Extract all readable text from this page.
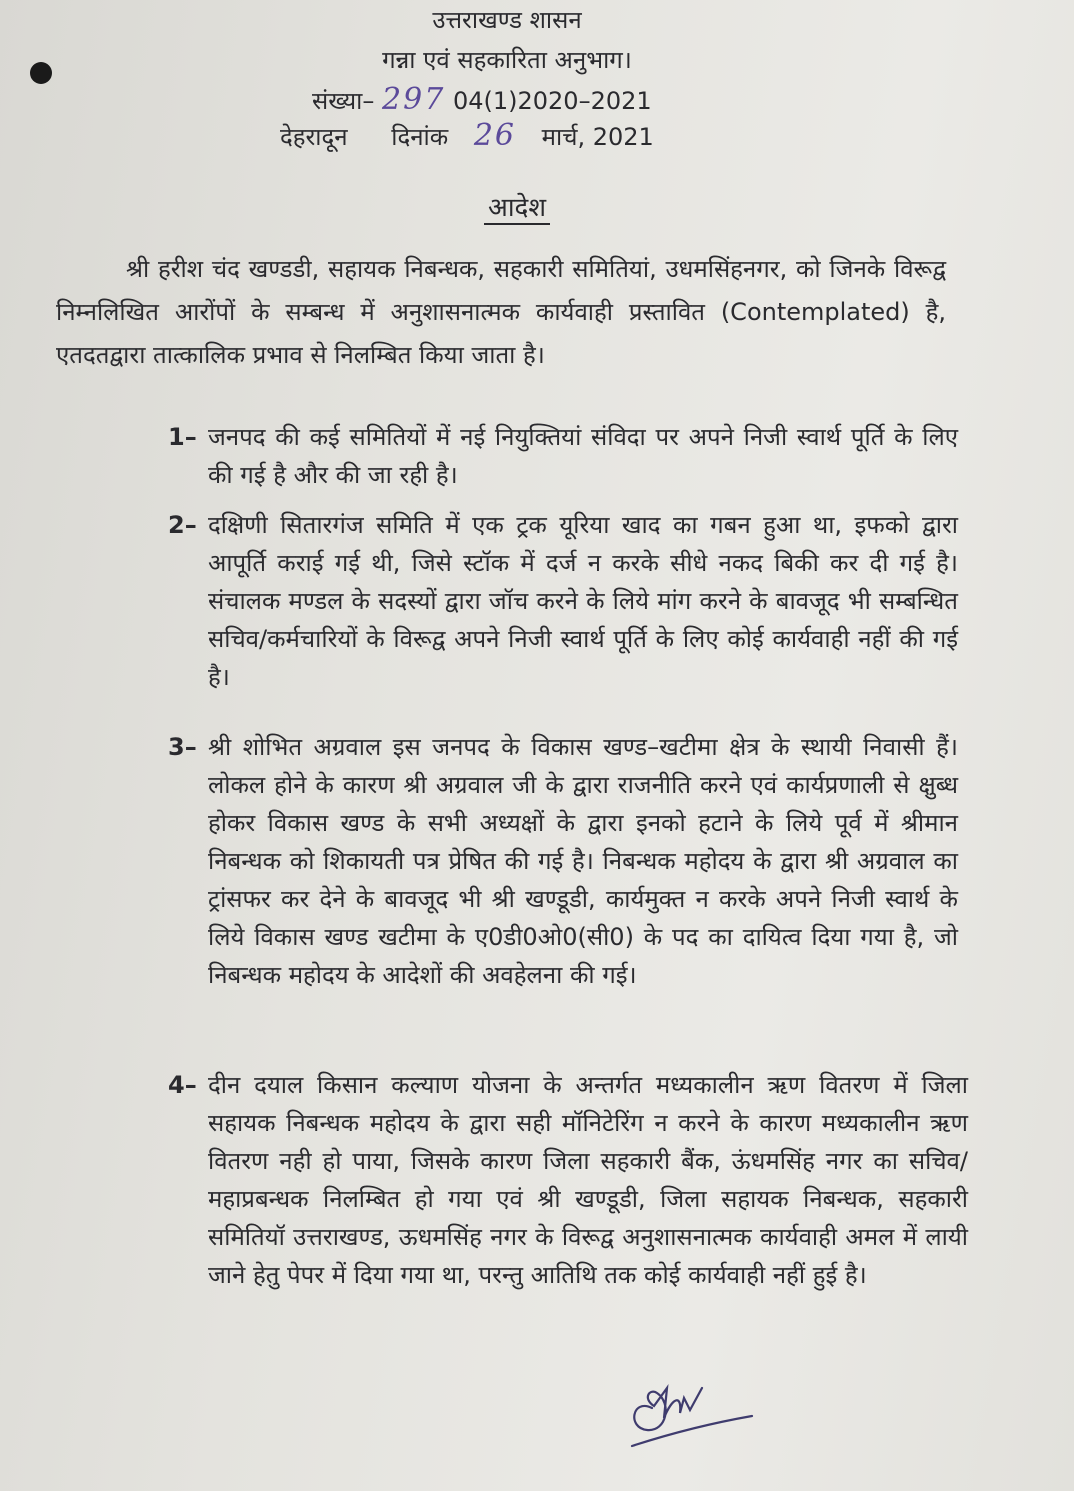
उत्तराखण्ड शासन
गन्ना एवं सहकारिता अनुभाग।
संख्या– 297 04(1)2020–2021
देहरादून दिनांक 26 मार्च, 2021
आदेश
श्री हरीश चंद खण्डडी, सहायक निबन्धक, सहकारी समितियां, उधमसिंहनगर, को जिनके विरूद्व निम्नलिखित आरोंपों के सम्बन्ध में अनुशासनात्मक कार्यवाही प्रस्तावित (Contemplated) है, एतदतद्वारा तात्कालिक प्रभाव से निलम्बित किया जाता है।
1– जनपद की कई समितियों में नई नियुक्तियां संविदा पर अपने निजी स्वार्थ पूर्ति के लिए की गई है और की जा रही है।
2– दक्षिणी सितारगंज समिति में एक ट्रक यूरिया खाद का गबन हुआ था, इफको द्वारा आपूर्ति कराई गई थी, जिसे स्टॉक में दर्ज न करके सीधे नकद बिकी कर दी गई है। संचालक मण्डल के सदस्यों द्वारा जॉच करने के लिये मांग करने के बावजूद भी सम्बन्धित सचिव/कर्मचारियों के विरूद्व अपने निजी स्वार्थ पूर्ति के लिए कोई कार्यवाही नहीं की गई है।
3– श्री शोभित अग्रवाल इस जनपद के विकास खण्ड–खटीमा क्षेत्र के स्थायी निवासी हैं। लोकल होने के कारण श्री अग्रवाल जी के द्वारा राजनीति करने एवं कार्यप्रणाली से क्षुब्ध होकर विकास खण्ड के सभी अध्यक्षों के द्वारा इनको हटाने के लिये पूर्व में श्रीमान निबन्धक को शिकायती पत्र प्रेषित की गई है। निबन्धक महोदय के द्वारा श्री अग्रवाल का ट्रांसफर कर देने के बावजूद भी श्री खण्डूडी, कार्यमुक्त न करके अपने निजी स्वार्थ के लिये विकास खण्ड खटीमा के ए0डी0ओ0(सी0) के पद का दायित्व दिया गया है, जो निबन्धक महोदय के आदेशों की अवहेलना की गई।
4– दीन दयाल किसान कल्याण योजना के अन्तर्गत मध्यकालीन ऋण वितरण में जिला सहायक निबन्धक महोदय के द्वारा सही मॉनिटेरिंग न करने के कारण मध्यकालीन ऋण वितरण नही हो पाया, जिसके कारण जिला सहकारी बैंक, ऊंधमसिंह नगर का सचिव/महाप्रबन्धक निलम्बित हो गया एवं श्री खण्डूडी, जिला सहायक निबन्धक, सहकारी समितियॉ उत्तराखण्ड, ऊधमसिंह नगर के विरूद्व अनुशासनात्मक कार्यवाही अमल में लायी जाने हेतु पेपर में दिया गया था, परन्तु आतिथि तक कोई कार्यवाही नहीं हुई है।
